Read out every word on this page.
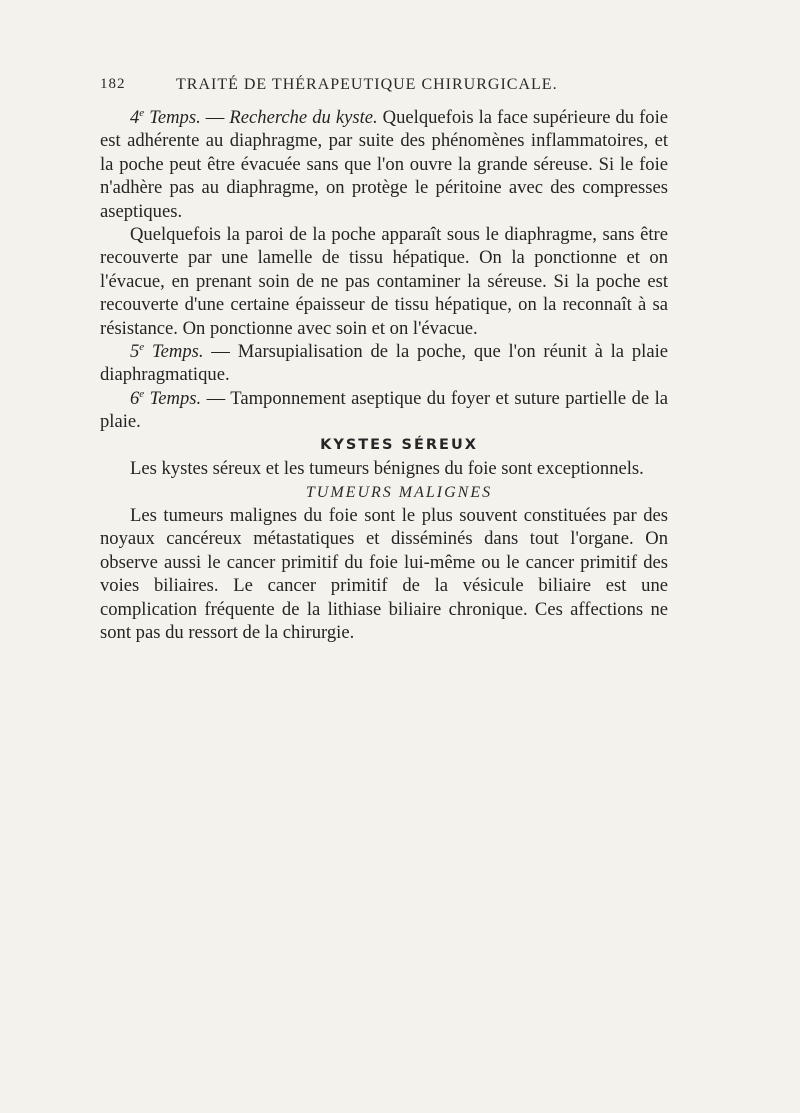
182	TRAITÉ DE THÉRAPEUTIQUE CHIRURGICALE.

4e Temps. — Recherche du kyste. Quelquefois la face supérieure du foie est adhérente au diaphragme, par suite des phénomènes inflammatoires, et la poche peut être évacuée sans que l'on ouvre la grande séreuse. Si le foie n'adhère pas au diaphragme, on protège le péritoine avec des compresses aseptiques.

Quelquefois la paroi de la poche apparaît sous le diaphragme, sans être recouverte par une lamelle de tissu hépatique. On la ponctionne et on l'évacue, en prenant soin de ne pas contaminer la séreuse. Si la poche est recouverte d'une certaine épaisseur de tissu hépatique, on la reconnaît à sa résistance. On ponctionne avec soin et on l'évacue.

5e Temps. — Marsupialisation de la poche, que l'on réunit à la plaie diaphragmatique.

6e Temps. — Tamponnement aseptique du foyer et suture partielle de la plaie.

KYSTES SÉREUX

Les kystes séreux et les tumeurs bénignes du foie sont exceptionnels.

TUMEURS MALIGNES

Les tumeurs malignes du foie sont le plus souvent constituées par des noyaux cancéreux métastatiques et disséminés dans tout l'organe. On observe aussi le cancer primitif du foie lui-même ou le cancer primitif des voies biliaires. Le cancer primitif de la vésicule biliaire est une complication fréquente de la lithiase biliaire chronique. Ces affections ne sont pas du ressort de la chirurgie.
